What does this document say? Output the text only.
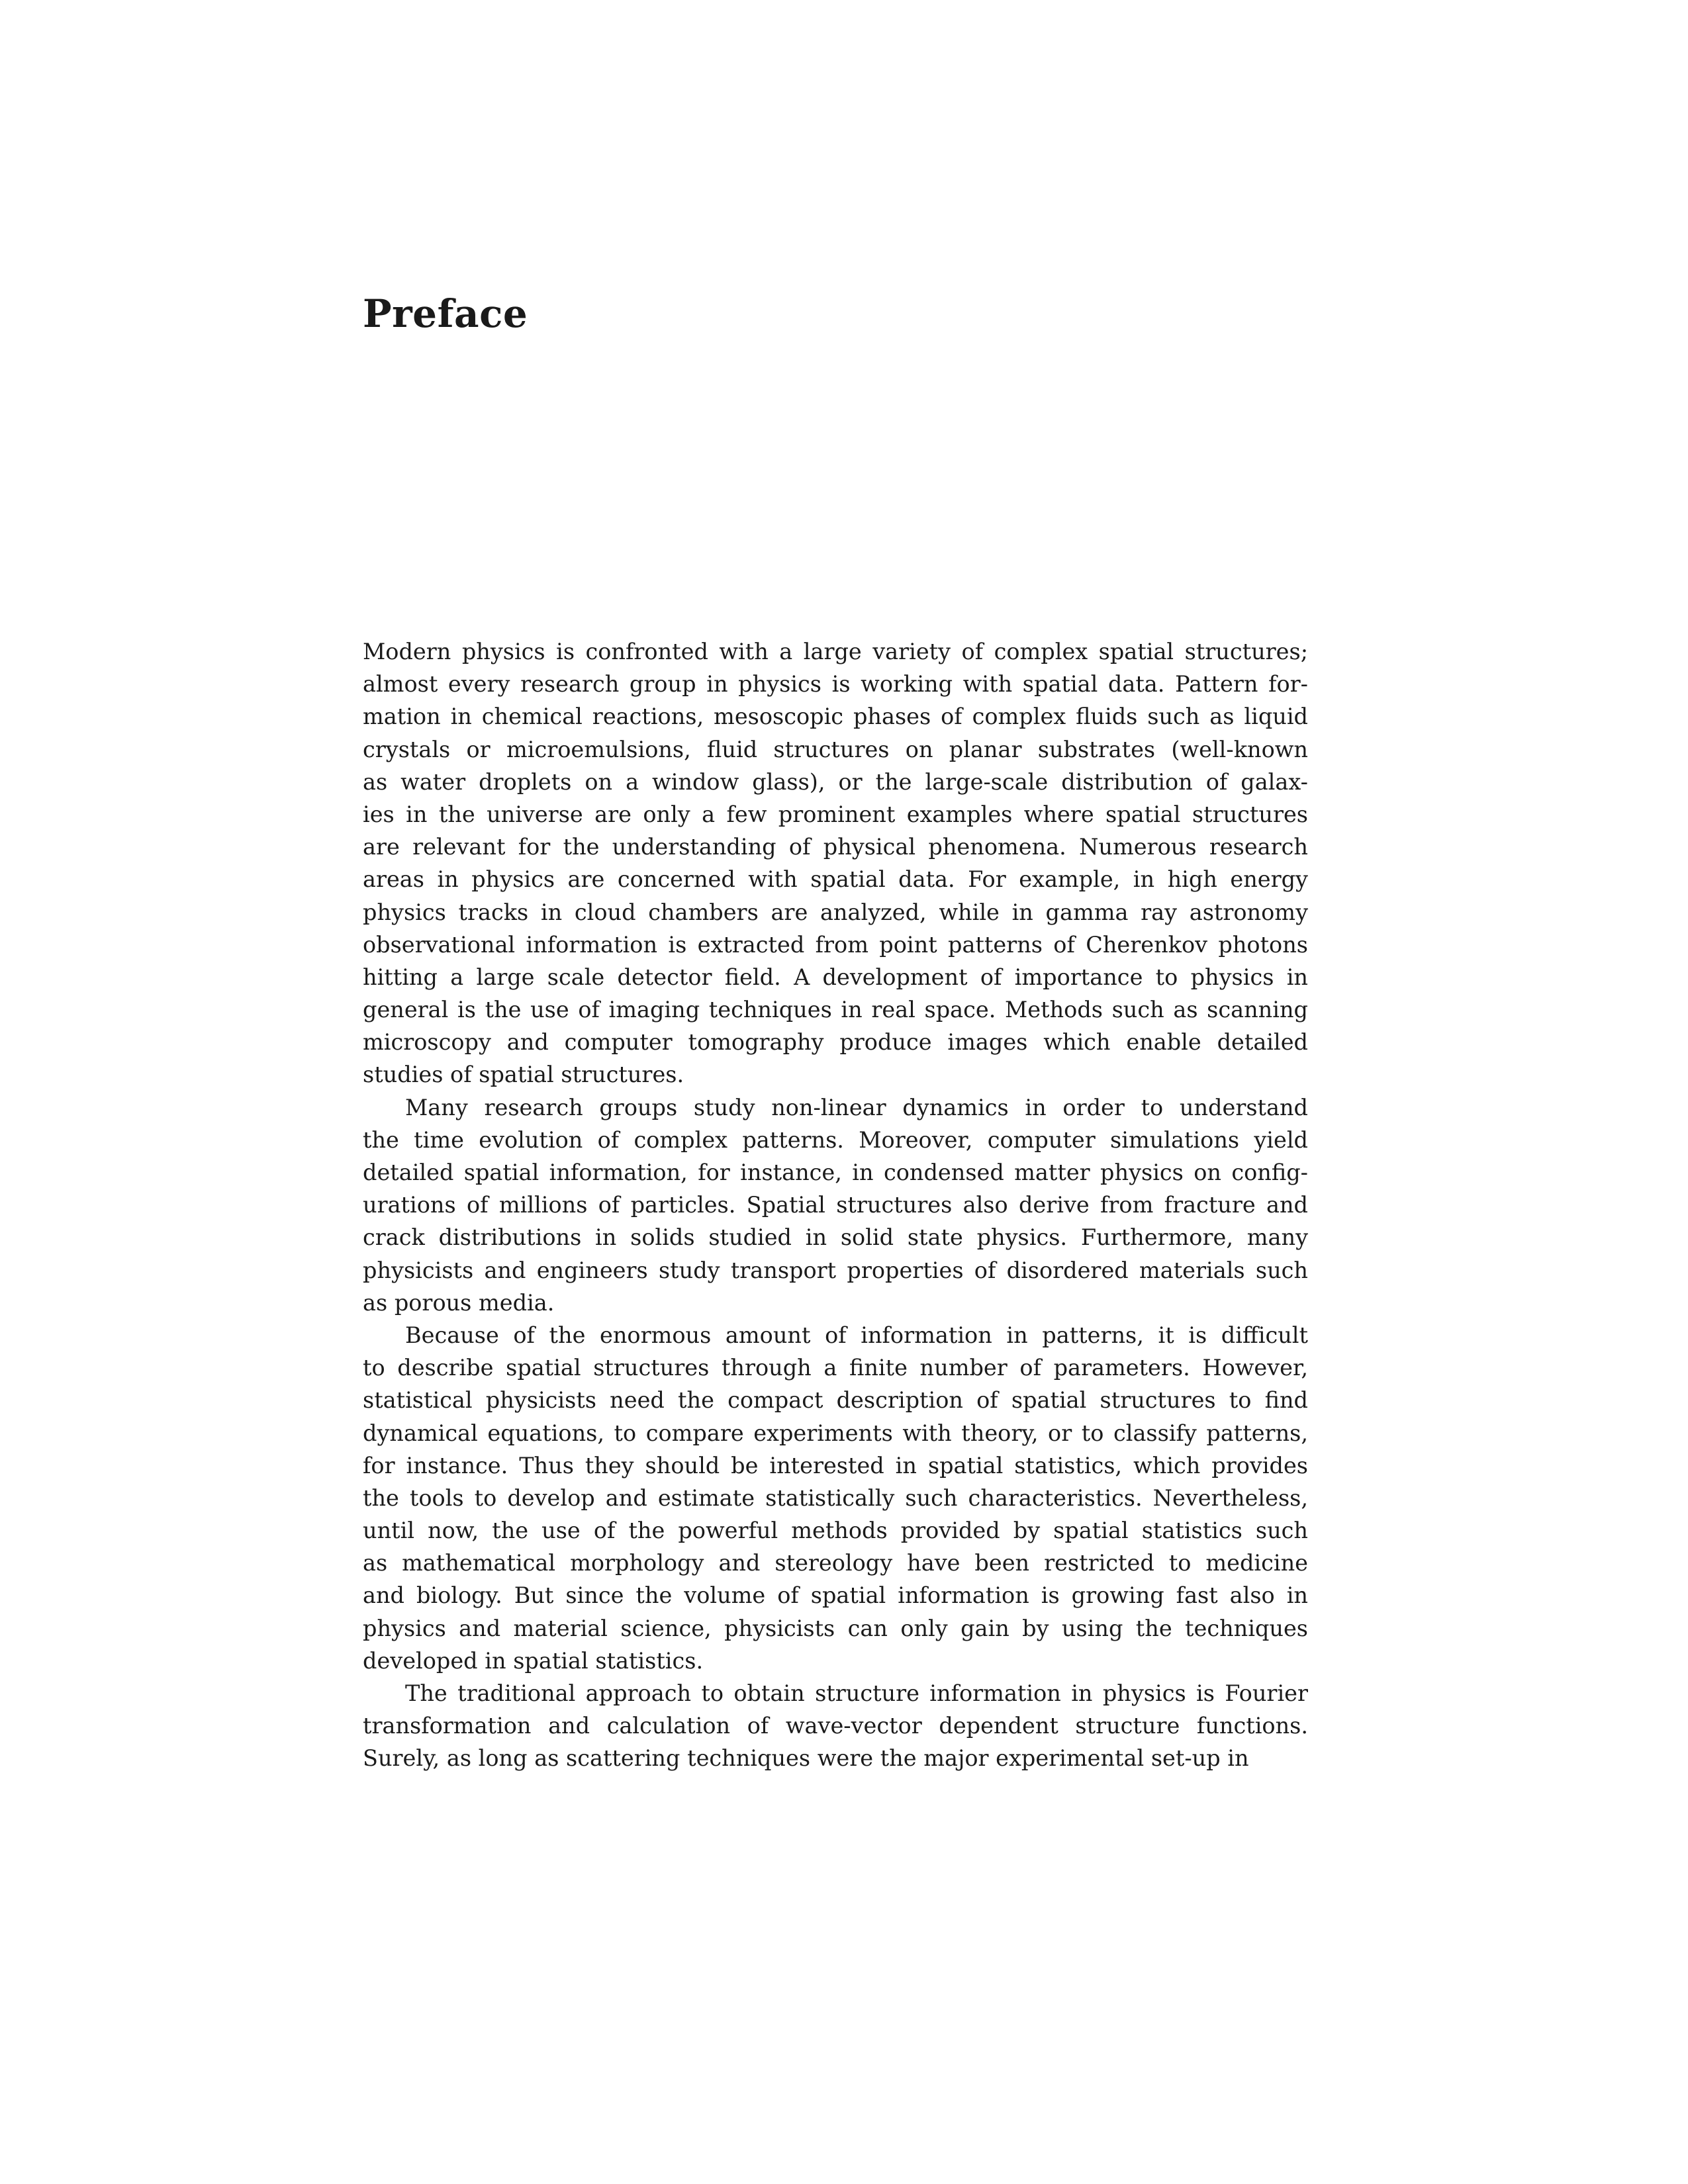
Preface
Modern physics is confronted with a large variety of complex spatial structures;
almost every research group in physics is working with spatial data. Pattern for-
mation in chemical reactions, mesoscopic phases of complex fluids such as liquid
crystals or microemulsions, fluid structures on planar substrates (well-known
as water droplets on a window glass), or the large-scale distribution of galax-
ies in the universe are only a few prominent examples where spatial structures
are relevant for the understanding of physical phenomena. Numerous research
areas in physics are concerned with spatial data. For example, in high energy
physics tracks in cloud chambers are analyzed, while in gamma ray astronomy
observational information is extracted from point patterns of Cherenkov photons
hitting a large scale detector field. A development of importance to physics in
general is the use of imaging techniques in real space. Methods such as scanning
microscopy and computer tomography produce images which enable detailed
studies of spatial structures.
Many research groups study non-linear dynamics in order to understand
the time evolution of complex patterns. Moreover, computer simulations yield
detailed spatial information, for instance, in condensed matter physics on config-
urations of millions of particles. Spatial structures also derive from fracture and
crack distributions in solids studied in solid state physics. Furthermore, many
physicists and engineers study transport properties of disordered materials such
as porous media.
Because of the enormous amount of information in patterns, it is difficult
to describe spatial structures through a finite number of parameters. However,
statistical physicists need the compact description of spatial structures to find
dynamical equations, to compare experiments with theory, or to classify patterns,
for instance. Thus they should be interested in spatial statistics, which provides
the tools to develop and estimate statistically such characteristics. Nevertheless,
until now, the use of the powerful methods provided by spatial statistics such
as mathematical morphology and stereology have been restricted to medicine
and biology. But since the volume of spatial information is growing fast also in
physics and material science, physicists can only gain by using the techniques
developed in spatial statistics.
The traditional approach to obtain structure information in physics is Fourier
transformation and calculation of wave-vector dependent structure functions.
Surely, as long as scattering techniques were the major experimental set-up in
